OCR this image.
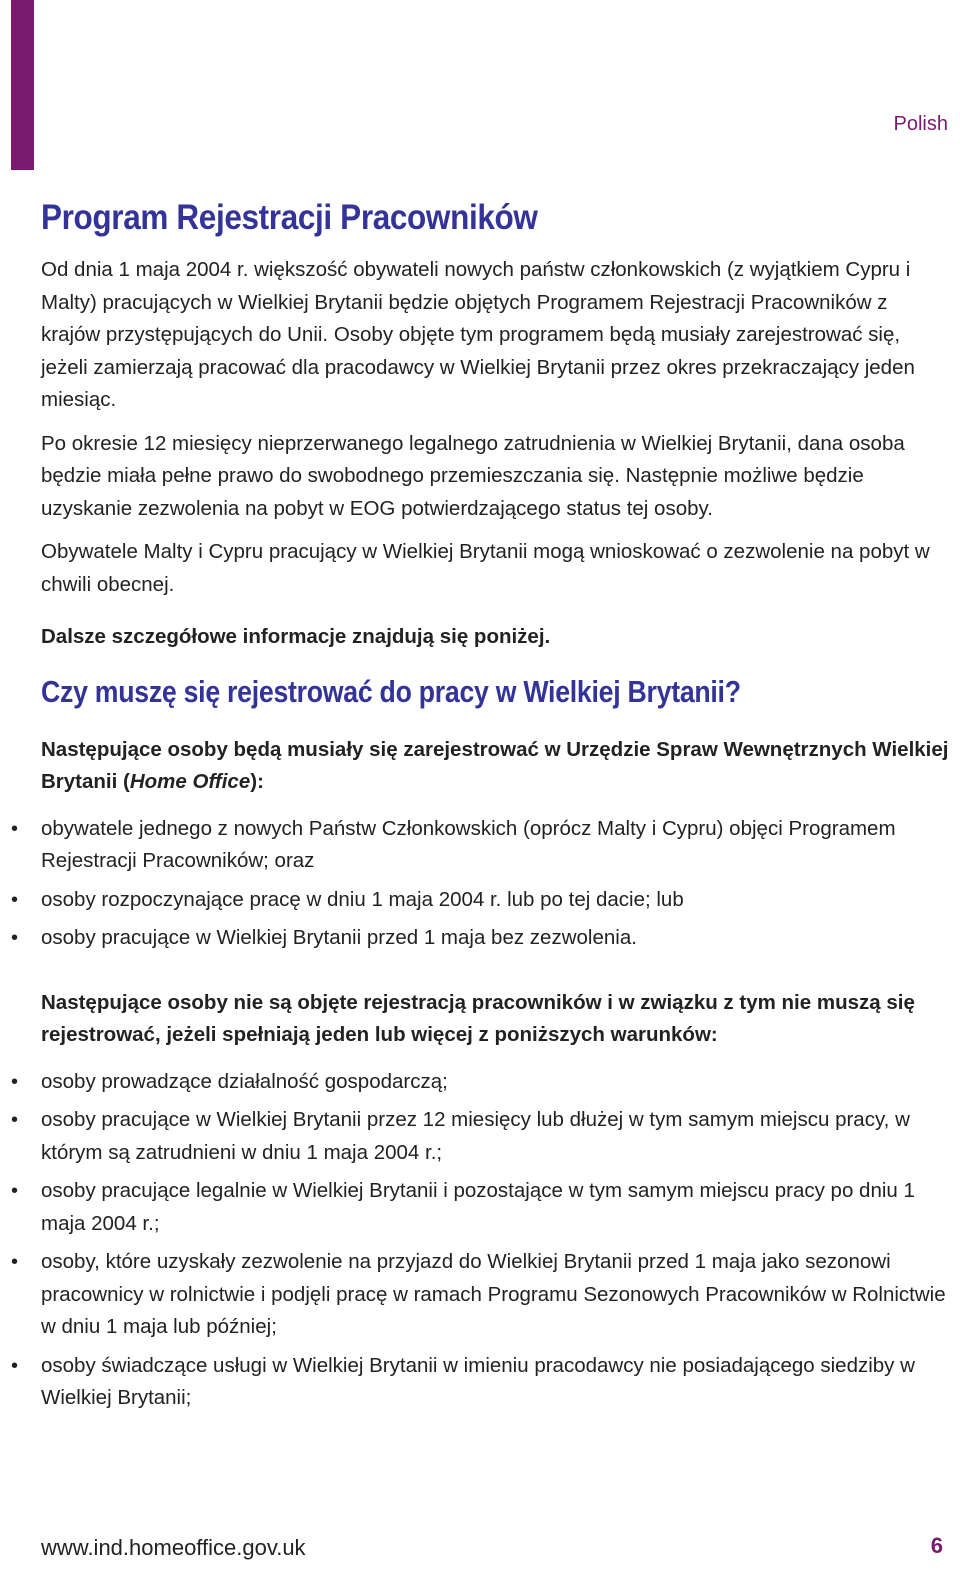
Polish
Program Rejestracji Pracowników

Od dnia 1 maja 2004 r. większość obywateli nowych państw członkowskich (z wyjątkiem Cypru i Malty) pracujących w Wielkiej Brytanii będzie objętych Programem Rejestracji Pracowników z krajów przystępujących do Unii. Osoby objęte tym programem będą musiały zarejestrować się, jeżeli zamierzają pracować dla pracodawcy w Wielkiej Brytanii przez okres przekraczający jeden miesiąc.

Po okresie 12 miesięcy nieprzerwanego legalnego zatrudnienia w Wielkiej Brytanii, dana osoba będzie miała pełne prawo do swobodnego przemieszczania się. Następnie możliwe będzie uzyskanie zezwolenia na pobyt w EOG potwierdzającego status tej osoby.

Obywatele Malty i Cypru pracujący w Wielkiej Brytanii mogą wnioskować o zezwolenie na pobyt w chwili obecnej.

Dalsze szczegółowe informacje znajdują się poniżej.

Czy muszę się rejestrować do pracy w Wielkiej Brytanii?

Następujące osoby będą musiały się zarejestrować w Urzędzie Spraw Wewnętrznych Wielkiej Brytanii (Home Office):

• obywatele jednego z nowych Państw Członkowskich (oprócz Malty i Cypru) objęci Programem Rejestracji Pracowników; oraz
• osoby rozpoczynające pracę w dniu 1 maja 2004 r. lub po tej dacie; lub
• osoby pracujące w Wielkiej Brytanii przed 1 maja bez zezwolenia.

Następujące osoby nie są objęte rejestracją pracowników i w związku z tym nie muszą się rejestrować, jeżeli spełniają jeden lub więcej z poniższych warunków:

• osoby prowadzące działalność gospodarczą;
• osoby pracujące w Wielkiej Brytanii przez 12 miesięcy lub dłużej w tym samym miejscu pracy, w którym są zatrudnieni w dniu 1 maja 2004 r.;
• osoby pracujące legalnie w Wielkiej Brytanii i pozostające w tym samym miejscu pracy po dniu 1 maja 2004 r.;
• osoby, które uzyskały zezwolenie na przyjazd do Wielkiej Brytanii przed 1 maja jako sezonowi pracownicy w rolnictwie i podjęli pracę w ramach Programu Sezonowych Pracowników w Rolnictwie w dniu 1 maja lub później;
• osoby świadczące usługi w Wielkiej Brytanii w imieniu pracodawcy nie posiadającego siedziby w Wielkiej Brytanii;
www.ind.homeoffice.gov.uk	6
